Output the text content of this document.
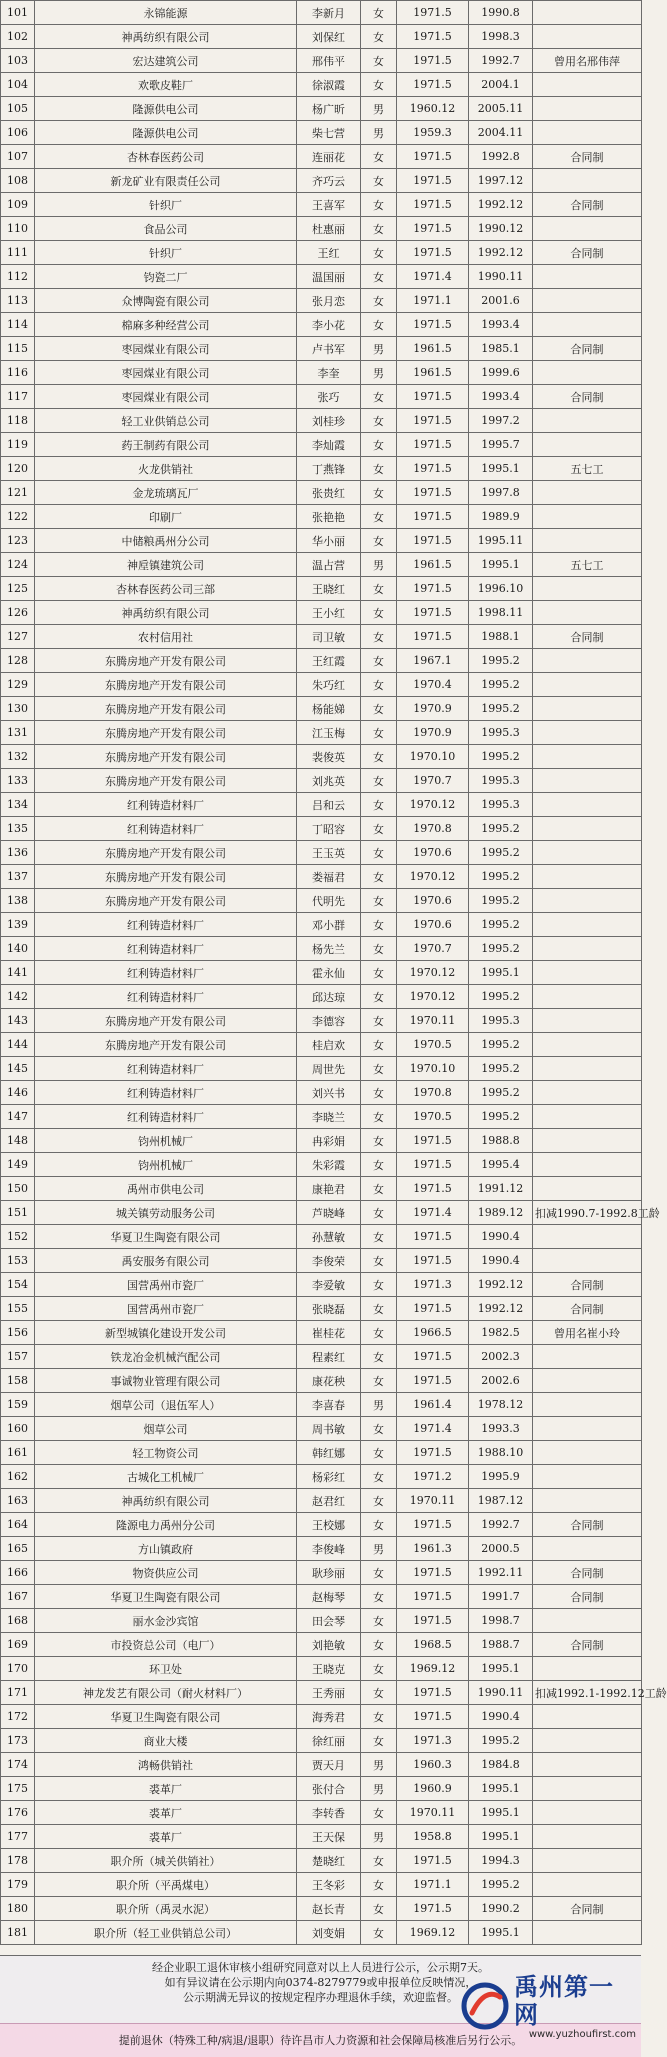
101	永锦能源	李新月	女	1971.5	1990.8	
102	神禹纺织有限公司	刘保红	女	1971.5	1998.3	
103	宏达建筑公司	邢伟平	女	1971.5	1992.7	曾用名邢伟萍
104	欢歌皮鞋厂	徐淑霞	女	1971.5	2004.1	
105	隆源供电公司	杨广昕	男	1960.12	2005.11	
106	隆源供电公司	柴七营	男	1959.3	2004.11	
107	杏林春医药公司	连丽花	女	1971.5	1992.8	合同制
108	新龙矿业有限责任公司	齐巧云	女	1971.5	1997.12	
109	针织厂	王喜军	女	1971.5	1992.12	合同制
110	食品公司	杜惠丽	女	1971.5	1990.12	
111	针织厂	王红	女	1971.5	1992.12	合同制
112	钧瓷二厂	温国丽	女	1971.4	1990.11	
113	众博陶瓷有限公司	张月恋	女	1971.1	2001.6	
114	棉麻多种经营公司	李小花	女	1971.5	1993.4	
115	枣园煤业有限公司	卢书军	男	1961.5	1985.1	合同制
116	枣园煤业有限公司	李奎	男	1961.5	1999.6	
117	枣园煤业有限公司	张巧	女	1971.5	1993.4	合同制
118	轻工业供销总公司	刘桂珍	女	1971.5	1997.2	
119	药王制药有限公司	李灿霞	女	1971.5	1995.7	
120	火龙供销社	丁燕锋	女	1971.5	1995.1	五七工
121	金龙琉璃瓦厂	张贵红	女	1971.5	1997.8	
122	印刷厂	张艳艳	女	1971.5	1989.9	
123	中储粮禹州分公司	华小丽	女	1971.5	1995.11	
124	神垕镇建筑公司	温占营	男	1961.5	1995.1	五七工
125	杏林春医药公司三部	王晓红	女	1971.5	1996.10	
126	神禹纺织有限公司	王小红	女	1971.5	1998.11	
127	农村信用社	司卫敏	女	1971.5	1988.1	合同制
128	东腾房地产开发有限公司	王红霞	女	1967.1	1995.2	
129	东腾房地产开发有限公司	朱巧红	女	1970.4	1995.2	
130	东腾房地产开发有限公司	杨能娣	女	1970.9	1995.2	
131	东腾房地产开发有限公司	江玉梅	女	1970.9	1995.3	
132	东腾房地产开发有限公司	裴俊英	女	1970.10	1995.2	
133	东腾房地产开发有限公司	刘兆英	女	1970.7	1995.3	
134	红利铸造材料厂	吕和云	女	1970.12	1995.3	
135	红利铸造材料厂	丁昭容	女	1970.8	1995.2	
136	东腾房地产开发有限公司	王玉英	女	1970.6	1995.2	
137	东腾房地产开发有限公司	娄福君	女	1970.12	1995.2	
138	东腾房地产开发有限公司	代明先	女	1970.6	1995.2	
139	红利铸造材料厂	邓小群	女	1970.6	1995.2	
140	红利铸造材料厂	杨先兰	女	1970.7	1995.2	
141	红利铸造材料厂	霍永仙	女	1970.12	1995.1	
142	红利铸造材料厂	邱达琼	女	1970.12	1995.2	
143	东腾房地产开发有限公司	李德容	女	1970.11	1995.3	
144	东腾房地产开发有限公司	桂启欢	女	1970.5	1995.2	
145	红利铸造材料厂	周世先	女	1970.10	1995.2	
146	红利铸造材料厂	刘兴书	女	1970.8	1995.2	
147	红利铸造材料厂	李晓兰	女	1970.5	1995.2	
148	钧州机械厂	冉彩娟	女	1971.5	1988.8	
149	钧州机械厂	朱彩霞	女	1971.5	1995.4	
150	禹州市供电公司	康艳君	女	1971.5	1991.12	
151	城关镇劳动服务公司	芦晓峰	女	1971.4	1989.12	扣减1990.7-1992.8工龄
152	华夏卫生陶瓷有限公司	孙慧敏	女	1971.5	1990.4	
153	禹安服务有限公司	李俊荣	女	1971.5	1990.4	
154	国营禹州市瓷厂	李爱敏	女	1971.3	1992.12	合同制
155	国营禹州市瓷厂	张晓磊	女	1971.5	1992.12	合同制
156	新型城镇化建设开发公司	崔桂花	女	1966.5	1982.5	曾用名崔小玲
157	铁龙冶金机械汽配公司	程素红	女	1971.5	2002.3	
158	事诚物业管理有限公司	康花秧	女	1971.5	2002.6	
159	烟草公司（退伍军人）	李喜春	男	1961.4	1978.12	
160	烟草公司	周书敏	女	1971.4	1993.3	
161	轻工物资公司	韩红娜	女	1971.5	1988.10	
162	古城化工机械厂	杨彩红	女	1971.2	1995.9	
163	神禹纺织有限公司	赵君红	女	1970.11	1987.12	
164	隆源电力禹州分公司	王校娜	女	1971.5	1992.7	合同制
165	方山镇政府	李俊峰	男	1961.3	2000.5	
166	物资供应公司	耿珍丽	女	1971.5	1992.11	合同制
167	华夏卫生陶瓷有限公司	赵梅琴	女	1971.5	1991.7	合同制
168	丽水金沙宾馆	田会琴	女	1971.5	1998.7	
169	市投资总公司（电厂）	刘艳敏	女	1968.5	1988.7	合同制
170	环卫处	王晓克	女	1969.12	1995.1	
171	神龙发艺有限公司（耐火材料厂）	王秀丽	女	1971.5	1990.11	扣减1992.1-1992.12工龄
172	华夏卫生陶瓷有限公司	海秀君	女	1971.5	1990.4	
173	商业大楼	徐红丽	女	1971.3	1995.2	
174	鸿畅供销社	贾天月	男	1960.3	1984.8	
175	裘革厂	张付合	男	1960.9	1995.1	
176	裘革厂	李转香	女	1970.11	1995.1	
177	裘革厂	王天保	男	1958.8	1995.1	
178	职介所（城关供销社）	楚晓红	女	1971.5	1994.3	
179	职介所（平禹煤电）	王冬彩	女	1971.1	1995.2	
180	职介所（禹灵水泥）	赵长青	女	1971.5	1990.2	合同制
181	职介所（轻工业供销总公司）	刘变娟	女	1969.12	1995.1	
经企业职工退休审核小组研究同意对以上人员进行公示，公示期7天。
如有异议请在公示期内向0374-8279779或申报单位反映情况，
公示期满无异议的按规定程序办理退休手续，欢迎监督。
提前退休（特殊工种/病退/退职）待许昌市人力资源和社会保障局核准后另行公示。
禹州第一网
www.yuzhoufirst.com
